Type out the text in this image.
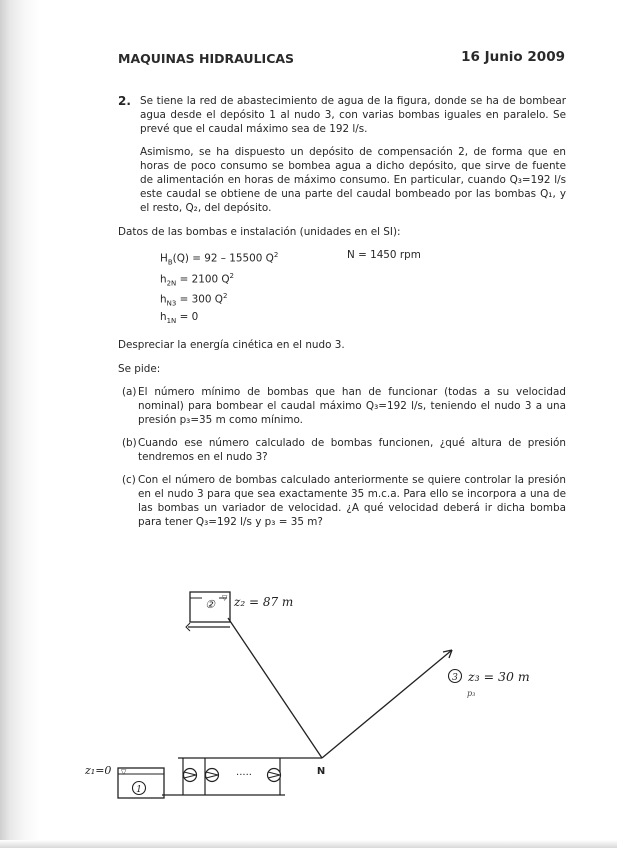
MAQUINAS HIDRAULICAS	16 Junio 2009
2. Se tiene la red de abastecimiento de agua de la figura, donde se ha de bombear agua desde el depósito 1 al nudo 3, con varias bombas iguales en paralelo. Se prevé que el caudal máximo sea de 192 l/s.
Asimismo, se ha dispuesto un depósito de compensación 2, de forma que en horas de poco consumo se bombea agua a dicho depósito, que sirve de fuente de alimentación en horas de máximo consumo. En particular, cuando Q₃=192 l/s este caudal se obtiene de una parte del caudal bombeado por las bombas Q₁, y el resto, Q₂, del depósito.
Datos de las bombas e instalación (unidades en el SI):
$H_B(Q) = 92 - 15500$ $Q^2$
$h_{2N} = 2100$ $Q^2$
$h_{N3} = 300$ $Q^2$
$h_{1N} = 0$
N = 1450 rpm
Despreciar la energía cinética en el nudo 3.
Se pide:
(a) El número mínimo de bombas que han de funcionar (todas a su velocidad nominal) para bombear el caudal máximo Q₃=192 l/s, teniendo el nudo 3 a una presión p₃=35 m como mínimo.
(b) Cuando ese número calculado de bombas funcionen, ¿qué altura de presión tendremos en el nudo 3?
(c) Con el número de bombas calculado anteriormente se quiere controlar la presión en el nudo 3 para que sea exactamente 35 m.c.a. Para ello se incorpora a una de las bombas un variador de velocidad. ¿A qué velocidad deberá ir dicha bomba para tener Q₃=192 l/s y p₃ = 35 m?
② ▽ z₂ = 87 m
3 z₃ = 30 m
p₃
N
·····
▽
1
z₁=0
